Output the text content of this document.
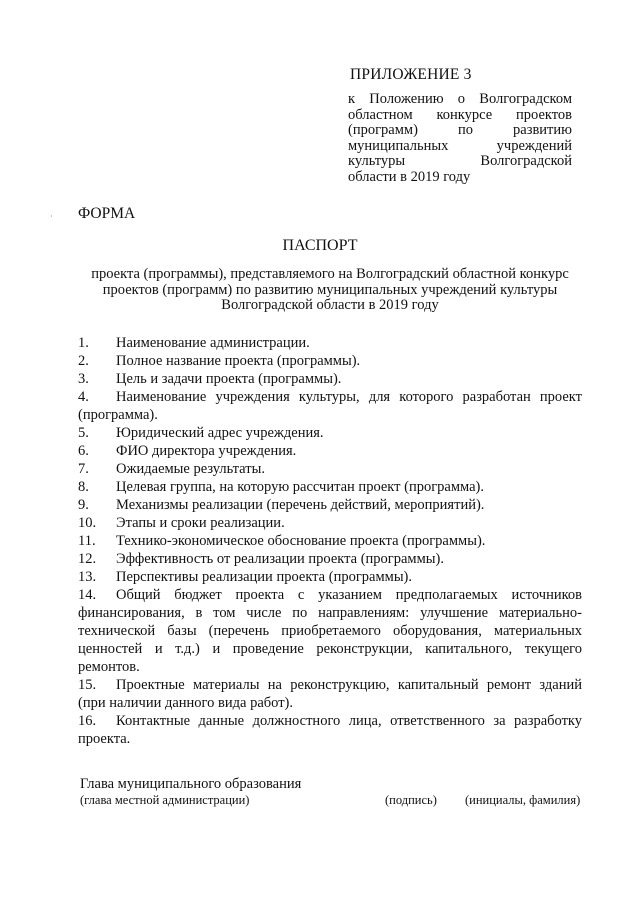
ПРИЛОЖЕНИЕ 3
к Положению о Волгоградском
областном конкурсе проектов
(программ) по развитию
муниципальных учреждений
культуры Волгоградской
области в 2019 году
· ФОРМА
ПАСПОРТ
проекта (программы), представляемого на Волгоградский областной конкурс
проектов (программ) по развитию муниципальных учреждений культуры
Волгоградской области в 2019 году
1. Наименование администрации.
2. Полное название проекта (программы).
3. Цель и задачи проекта (программы).
4. Наименование учреждения культуры, для которого разработан проект (программа).
5. Юридический адрес учреждения.
6. ФИО директора учреждения.
7. Ожидаемые результаты.
8. Целевая группа, на которую рассчитан проект (программа).
9. Механизмы реализации (перечень действий, мероприятий).
10. Этапы и сроки реализации.
11. Технико-экономическое обоснование проекта (программы).
12. Эффективность от реализации проекта (программы).
13. Перспективы реализации проекта (программы).
14. Общий бюджет проекта с указанием предполагаемых источников финансирования, в том числе по направлениям: улучшение материально-технической базы (перечень приобретаемого оборудования, материальных ценностей и т.д.) и проведение реконструкции, капитального, текущего ремонтов.
15. Проектные материалы на реконструкцию, капитальный ремонт зданий (при наличии данного вида работ).
16. Контактные данные должностного лица, ответственного за разработку проекта.
Глава муниципального образования
(глава местной администрации)	(подпись) (инициалы, фамилия)
